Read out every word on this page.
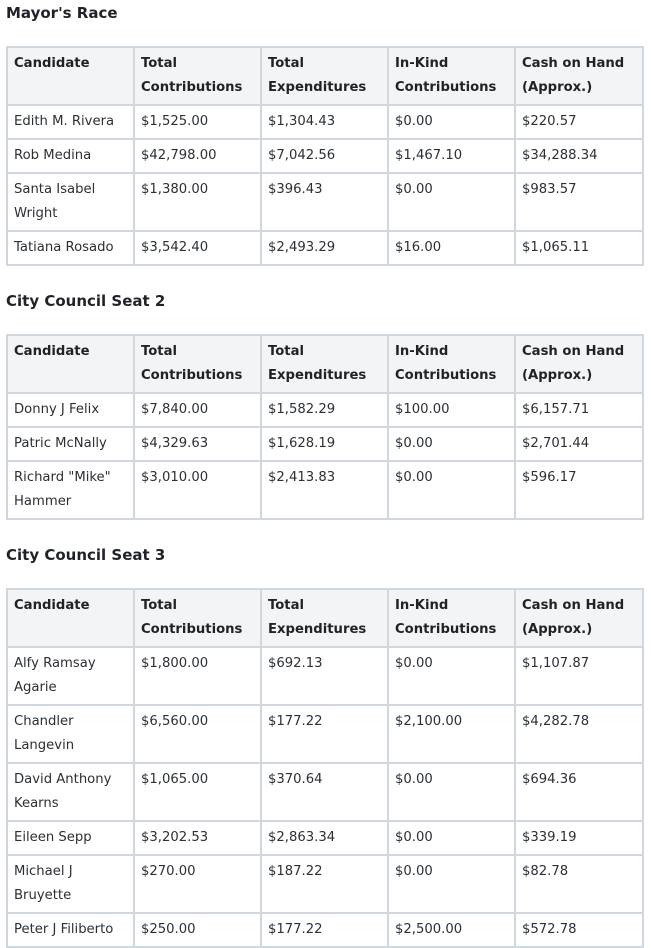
Mayor's Race
Candidate	Total Contributions	Total Expenditures	In-Kind Contributions	Cash on Hand (Approx.)
Edith M. Rivera	$1,525.00	$1,304.43	$0.00	$220.57
Rob Medina	$42,798.00	$7,042.56	$1,467.10	$34,288.34
Santa Isabel Wright	$1,380.00	$396.43	$0.00	$983.57
Tatiana Rosado	$3,542.40	$2,493.29	$16.00	$1,065.11
City Council Seat 2
Candidate	Total Contributions	Total Expenditures	In-Kind Contributions	Cash on Hand (Approx.)
Donny J Felix	$7,840.00	$1,582.29	$100.00	$6,157.71
Patric McNally	$4,329.63	$1,628.19	$0.00	$2,701.44
Richard "Mike" Hammer	$3,010.00	$2,413.83	$0.00	$596.17
City Council Seat 3
Candidate	Total Contributions	Total Expenditures	In-Kind Contributions	Cash on Hand (Approx.)
Alfy Ramsay Agarie	$1,800.00	$692.13	$0.00	$1,107.87
Chandler Langevin	$6,560.00	$177.22	$2,100.00	$4,282.78
David Anthony Kearns	$1,065.00	$370.64	$0.00	$694.36
Eileen Sepp	$3,202.53	$2,863.34	$0.00	$339.19
Michael J Bruyette	$270.00	$187.22	$0.00	$82.78
Peter J Filiberto	$250.00	$177.22	$2,500.00	$572.78
